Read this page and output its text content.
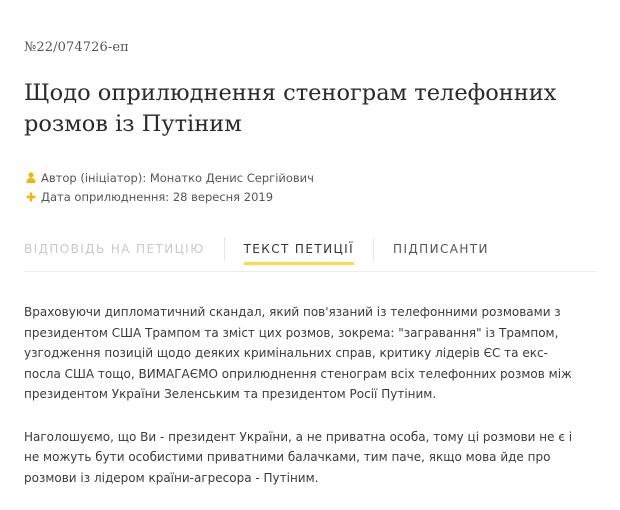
№22/074726-еп
Щодо оприлюднення стенограм телефонних розмов із Путіним
Автор (ініціатор): Монатко Денис Сергійович
Дата оприлюднення: 28 вересня 2019
ВІДПОВІДЬ НА ПЕТИЦІЮ	ТЕКСТ ПЕТИЦІЇ	ПІДПИСАНТИ

Враховуючи дипломатичний скандал, який пов'язаний із телефонними розмовами з президентом США Трампом та зміст цих розмов, зокрема: "загравання" із Трампом, узгодження позицій щодо деяких кримінальних справ, критику лідерів ЄС та екс-посла США тощо, ВИМАГАЄМО оприлюднення стенограм всіх телефонних розмов між президентом України Зеленським та президентом Росії Путіним.

Наголошуємо, що Ви - президент України, а не приватна особа, тому ці розмови не є і не можуть бути особистими приватними балачками, тим паче, якщо мова йде про розмови із лідером країни-агресора - Путіним.
